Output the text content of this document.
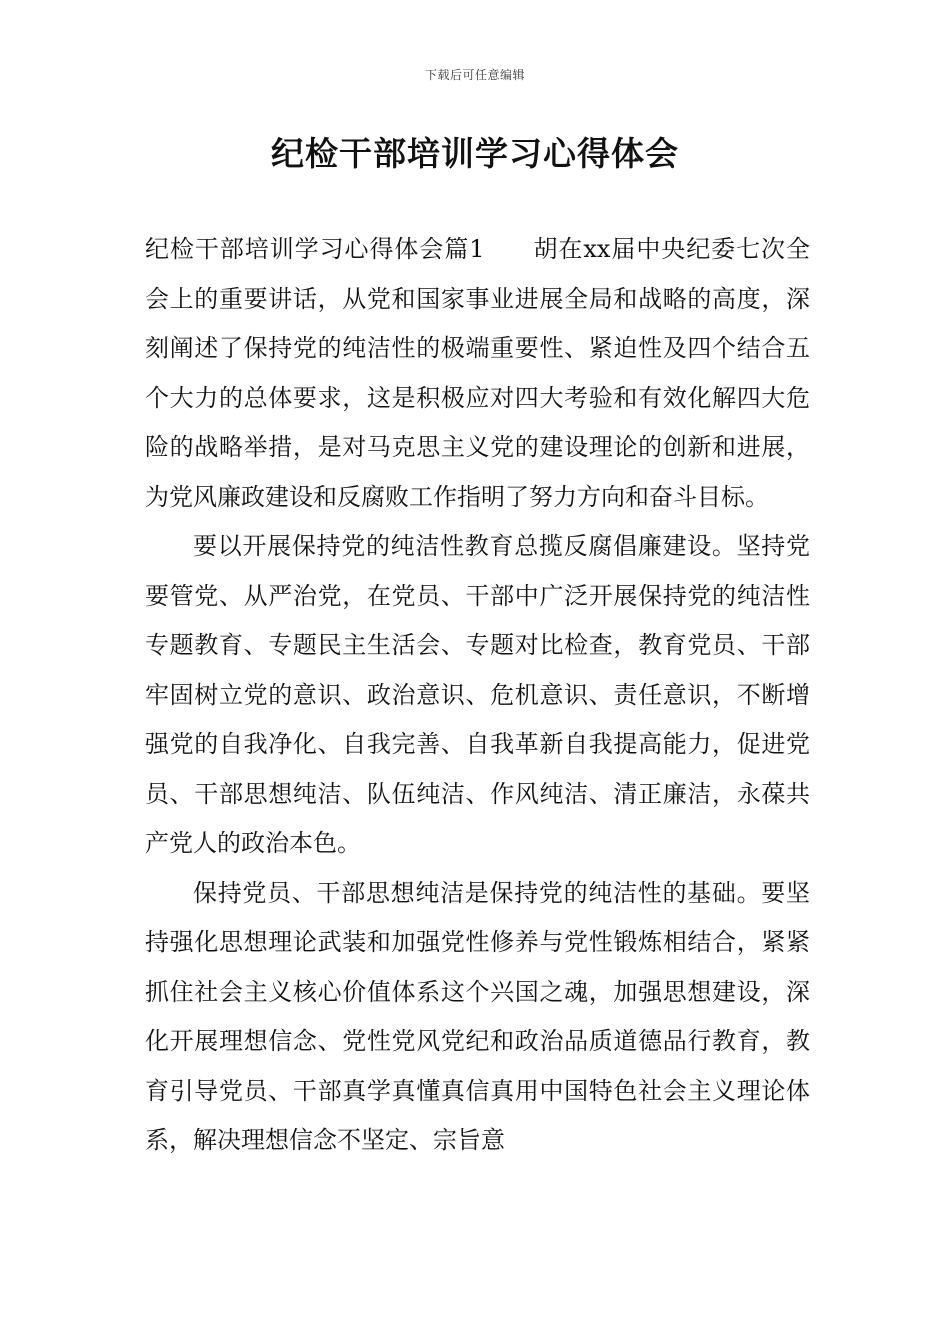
下载后可任意编辑
纪检干部培训学习心得体会

纪检干部培训学习心得体会篇1 胡在xx届中央纪委七次全会上的重要讲话，从党和国家事业进展全局和战略的高度，深刻阐述了保持党的纯洁性的极端重要性、紧迫性及四个结合五个大力的总体要求，这是积极应对四大考验和有效化解四大危险的战略举措，是对马克思主义党的建设理论的创新和进展，为党风廉政建设和反腐败工作指明了努力方向和奋斗目标。

要以开展保持党的纯洁性教育总揽反腐倡廉建设。坚持党要管党、从严治党，在党员、干部中广泛开展保持党的纯洁性专题教育、专题民主生活会、专题对比检查，教育党员、干部牢固树立党的意识、政治意识、危机意识、责任意识，不断增强党的自我净化、自我完善、自我革新自我提高能力，促进党员、干部思想纯洁、队伍纯洁、作风纯洁、清正廉洁，永葆共产党人的政治本色。

保持党员、干部思想纯洁是保持党的纯洁性的基础。要坚持强化思想理论武装和加强党性修养与党性锻炼相结合，紧紧抓住社会主义核心价值体系这个兴国之魂，加强思想建设，深化开展理想信念、党性党风党纪和政治品质道德品行教育，教育引导党员、干部真学真懂真信真用中国特色社会主义理论体系，解决理想信念不坚定、宗旨意
